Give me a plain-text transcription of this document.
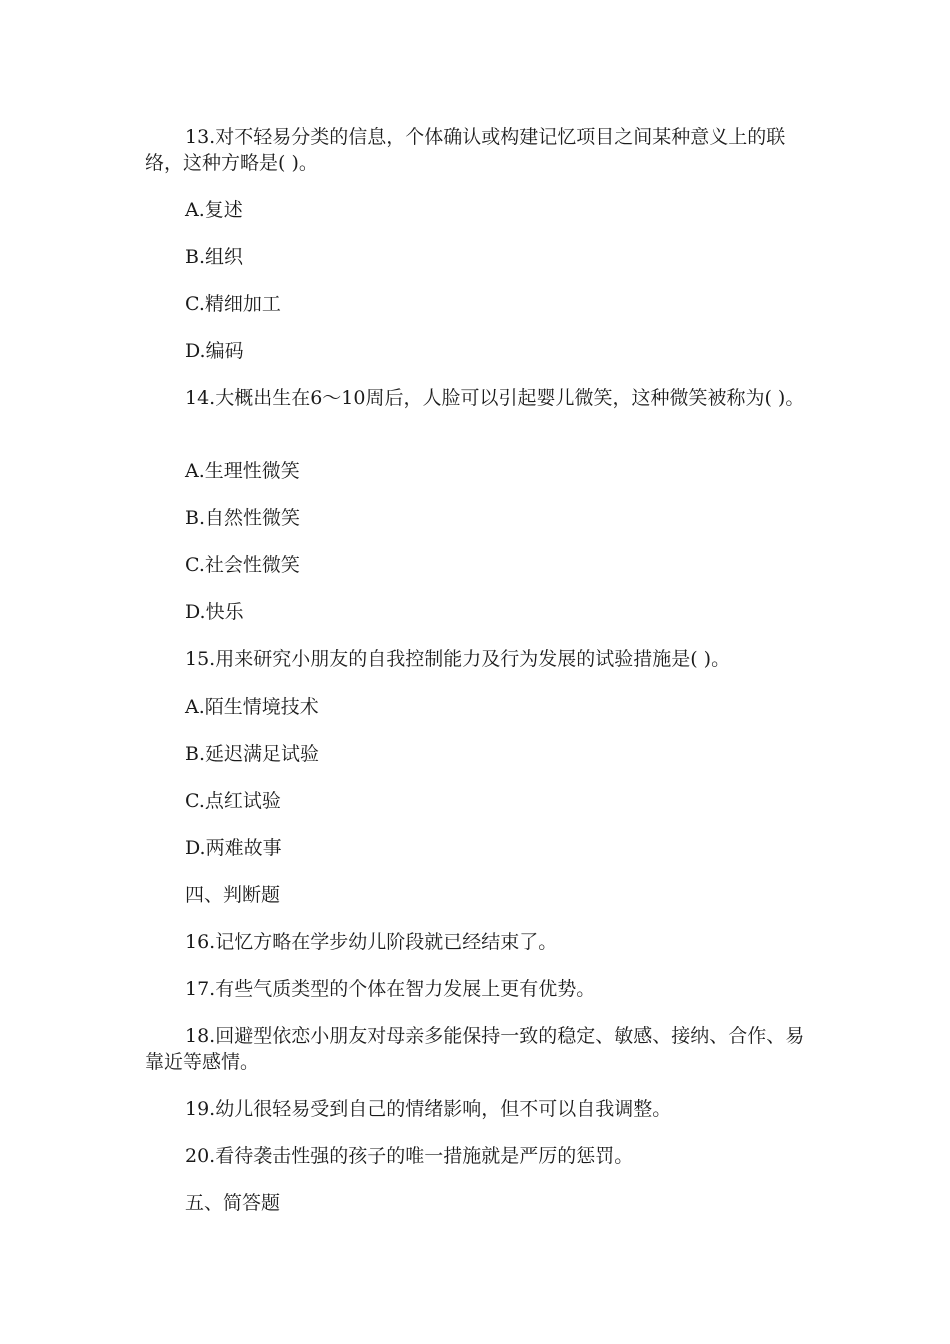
13.对不轻易分类的信息，个体确认或构建记忆项目之间某种意义上的联络，这种方略是( )。

A.复述

B.组织

C.精细加工

D.编码

14.大概出生在6～10周后，人脸可以引起婴儿微笑，这种微笑被称为( )。

A.生理性微笑

B.自然性微笑

C.社会性微笑

D.快乐

15.用来研究小朋友的自我控制能力及行为发展的试验措施是( )。

A.陌生情境技术

B.延迟满足试验

C.点红试验

D.两难故事

四、判断题

16.记忆方略在学步幼儿阶段就已经结束了。

17.有些气质类型的个体在智力发展上更有优势。

18.回避型依恋小朋友对母亲多能保持一致的稳定、敏感、接纳、合作、易靠近等感情。

19.幼儿很轻易受到自己的情绪影响，但不可以自我调整。

20.看待袭击性强的孩子的唯一措施就是严厉的惩罚。

五、简答题
